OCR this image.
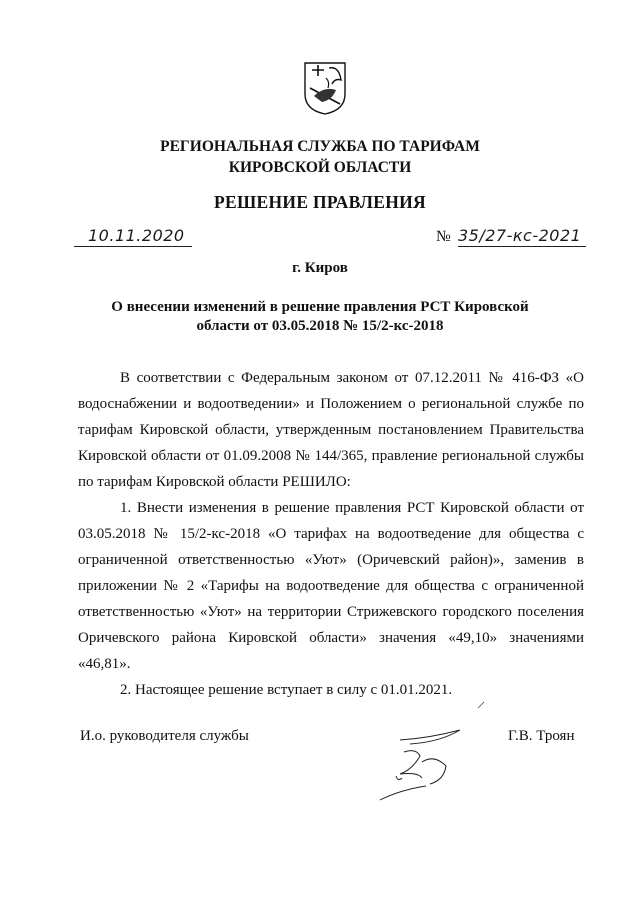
РЕГИОНАЛЬНАЯ СЛУЖБА ПО ТАРИФАМ
КИРОВСКОЙ ОБЛАСТИ
РЕШЕНИЕ ПРАВЛЕНИЯ
10.11.2020	№ 35/27-кс-2021
г. Киров
О внесении изменений в решение правления РСТ Кировской
области от 03.05.2018 № 15/2-кс-2018

В соответствии с Федеральным законом от 07.12.2011 № 416-ФЗ «О водоснабжении и водоотведении» и Положением о региональной службе по тарифам Кировской области, утвержденным постановлением Правительства Кировской области от 01.09.2008 № 144/365, правление региональной службы по тарифам Кировской области РЕШИЛО:

1. Внести изменения в решение правления РСТ Кировской области от 03.05.2018 № 15/2-кс-2018 «О тарифах на водоотведение для общества с ограниченной ответственностью «Уют» (Оричевский район)», заменив в приложении № 2 «Тарифы на водоотведение для общества с ограниченной ответственностью «Уют» на территории Стрижевского городского поселения Оричевского района Кировской области» значения «49,10» значениями «46,81».

2. Настоящее решение вступает в силу с 01.01.2021.

И.о. руководителя службы	Г.В. Троян
